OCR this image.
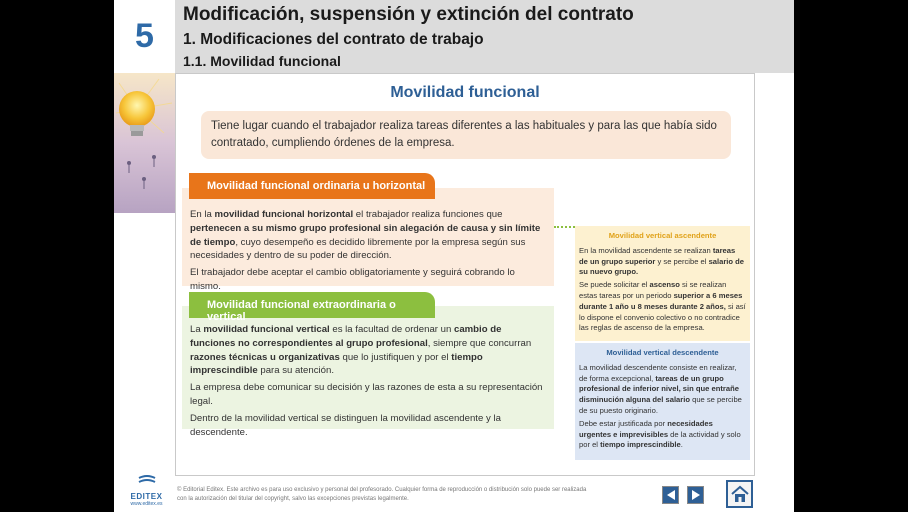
5
Modificación, suspensión y extinción del contrato
1. Modificaciones del contrato de trabajo
1.1. Movilidad funcional
Movilidad funcional
Tiene lugar cuando el trabajador realiza tareas diferentes a las habituales y para las que había sido contratado, cumpliendo órdenes de la empresa.

En la movilidad funcional horizontal el trabajador realiza funciones que pertenecen a su mismo grupo profesional sin alegación de causa y sin límite de tiempo, cuyo desempeño es decidido libremente por la empresa según sus necesidades y dentro de su poder de dirección.

El trabajador debe aceptar el cambio obligatoriamente y seguirá cobrando lo mismo.

Movilidad funcional ordinaria u horizontal

La movilidad funcional vertical es la facultad de ordenar un cambio de funciones no correspondientes al grupo profesional, siempre que concurran razones técnicas u organizativas que lo justifiquen y por el tiempo imprescindible para su atención.

La empresa debe comunicar su decisión y las razones de esta a su representación legal.

Dentro de la movilidad vertical se distinguen la movilidad ascendente y la descendente.

Movilidad funcional extraordinaria o vertical
Movilidad vertical ascendente

En la movilidad ascendente se realizan tareas de un grupo superior y se percibe el salario de su nuevo grupo.

Se puede solicitar el ascenso si se realizan estas tareas por un periodo superior a 6 meses durante 1 año u 8 meses durante 2 años, si así lo dispone el convenio colectivo o no contradice las reglas de ascenso de la empresa.

Movilidad vertical descendente

La movilidad descendente consiste en realizar, de forma excepcional, tareas de un grupo profesional de inferior nivel, sin que entrañe disminución alguna del salario que se percibe de su puesto originario.

Debe estar justificada por necesidades urgentes e imprevisibles de la actividad y solo por el tiempo imprescindible.

EDITEX
www.editex.es
© Editorial Editex. Este archivo es para uso exclusivo y personal del profesorado. Cualquier forma de reproducción o distribución solo puede ser realizada con la autorización del titular del copyright, salvo las excepciones previstas legalmente.
